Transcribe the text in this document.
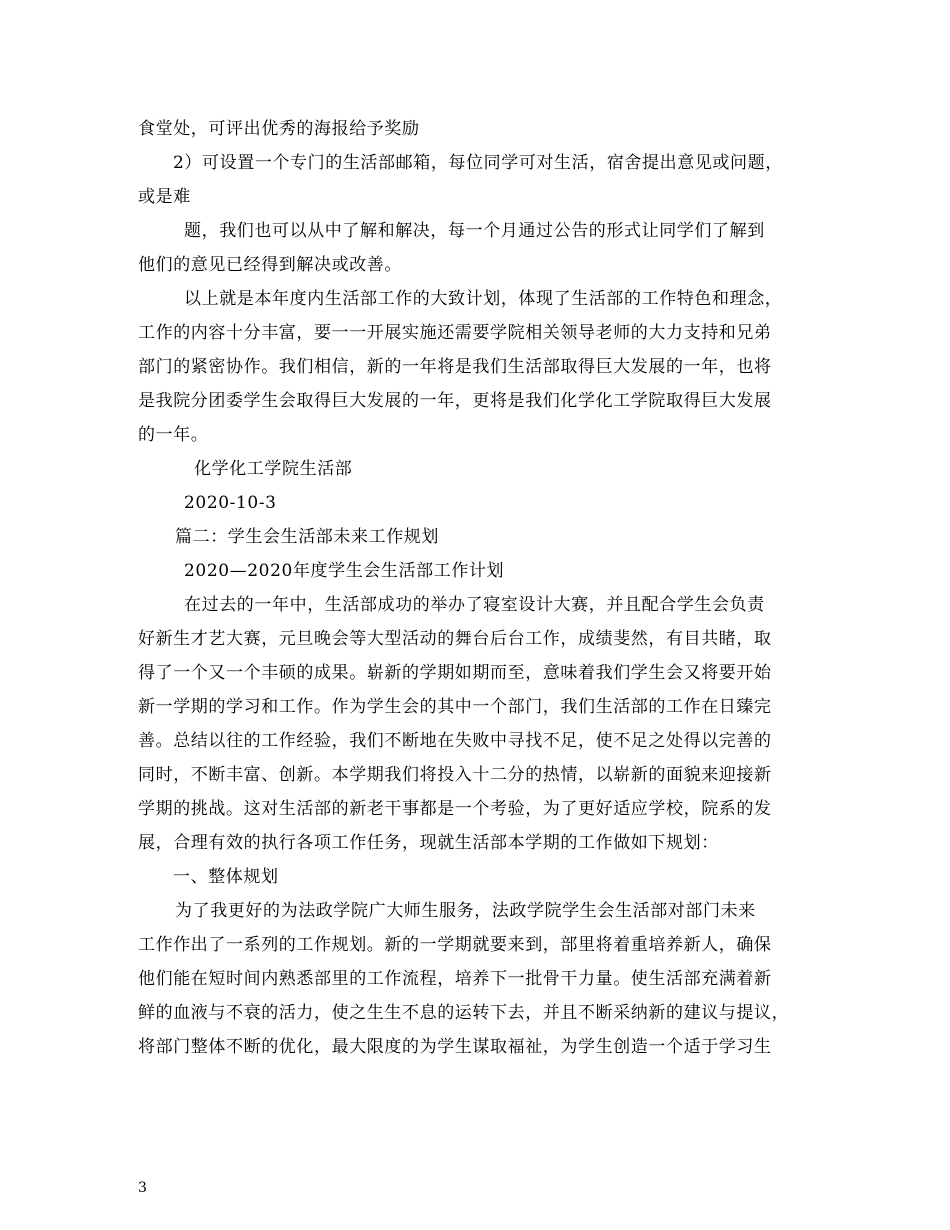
食堂处，可评出优秀的海报给予奖励
2）可设置一个专门的生活部邮箱，每位同学可对生活，宿舍提出意见或问题，
或是难
题，我们也可以从中了解和解决，每一个月通过公告的形式让同学们了解到
他们的意见已经得到解决或改善。
以上就是本年度内生活部工作的大致计划，体现了生活部的工作特色和理念，
工作的内容十分丰富，要一一开展实施还需要学院相关领导老师的大力支持和兄弟
部门的紧密协作。我们相信，新的一年将是我们生活部取得巨大发展的一年，也将
是我院分团委学生会取得巨大发展的一年，更将是我们化学化工学院取得巨大发展
的一年。
化学化工学院生活部
2020-10-3
篇二：学生会生活部未来工作规划
2020—2020年度学生会生活部工作计划
在过去的一年中，生活部成功的举办了寝室设计大赛，并且配合学生会负责
好新生才艺大赛，元旦晚会等大型活动的舞台后台工作，成绩斐然，有目共睹，取
得了一个又一个丰硕的成果。崭新的学期如期而至，意味着我们学生会又将要开始
新一学期的学习和工作。作为学生会的其中一个部门，我们生活部的工作在日臻完
善。总结以往的工作经验，我们不断地在失败中寻找不足，使不足之处得以完善的
同时，不断丰富、创新。本学期我们将投入十二分的热情，以崭新的面貌来迎接新
学期的挑战。这对生活部的新老干事都是一个考验，为了更好适应学校，院系的发
展，合理有效的执行各项工作任务，现就生活部本学期的工作做如下规划：
一、整体规划
为了我更好的为法政学院广大师生服务，法政学院学生会生活部对部门未来
工作作出了一系列的工作规划。新的一学期就要来到，部里将着重培养新人，确保
他们能在短时间内熟悉部里的工作流程，培养下一批骨干力量。使生活部充满着新
鲜的血液与不衰的活力，使之生生不息的运转下去，并且不断采纳新的建议与提议，
将部门整体不断的优化，最大限度的为学生谋取福祉，为学生创造一个适于学习生
3
